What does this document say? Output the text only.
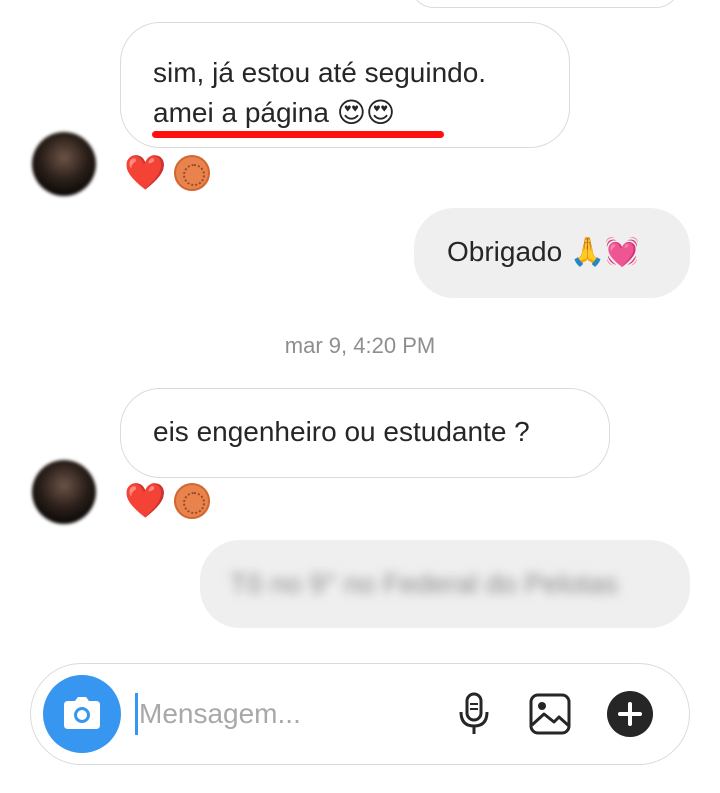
sim, já estou até seguindo.
amei a página 😍😍
❤️
Obrigado 🙏💓
mar 9, 4:20 PM
eis engenheiro ou estudante ?
❤️
Tô no 9° no Federal do Pelotas
Mensagem...
